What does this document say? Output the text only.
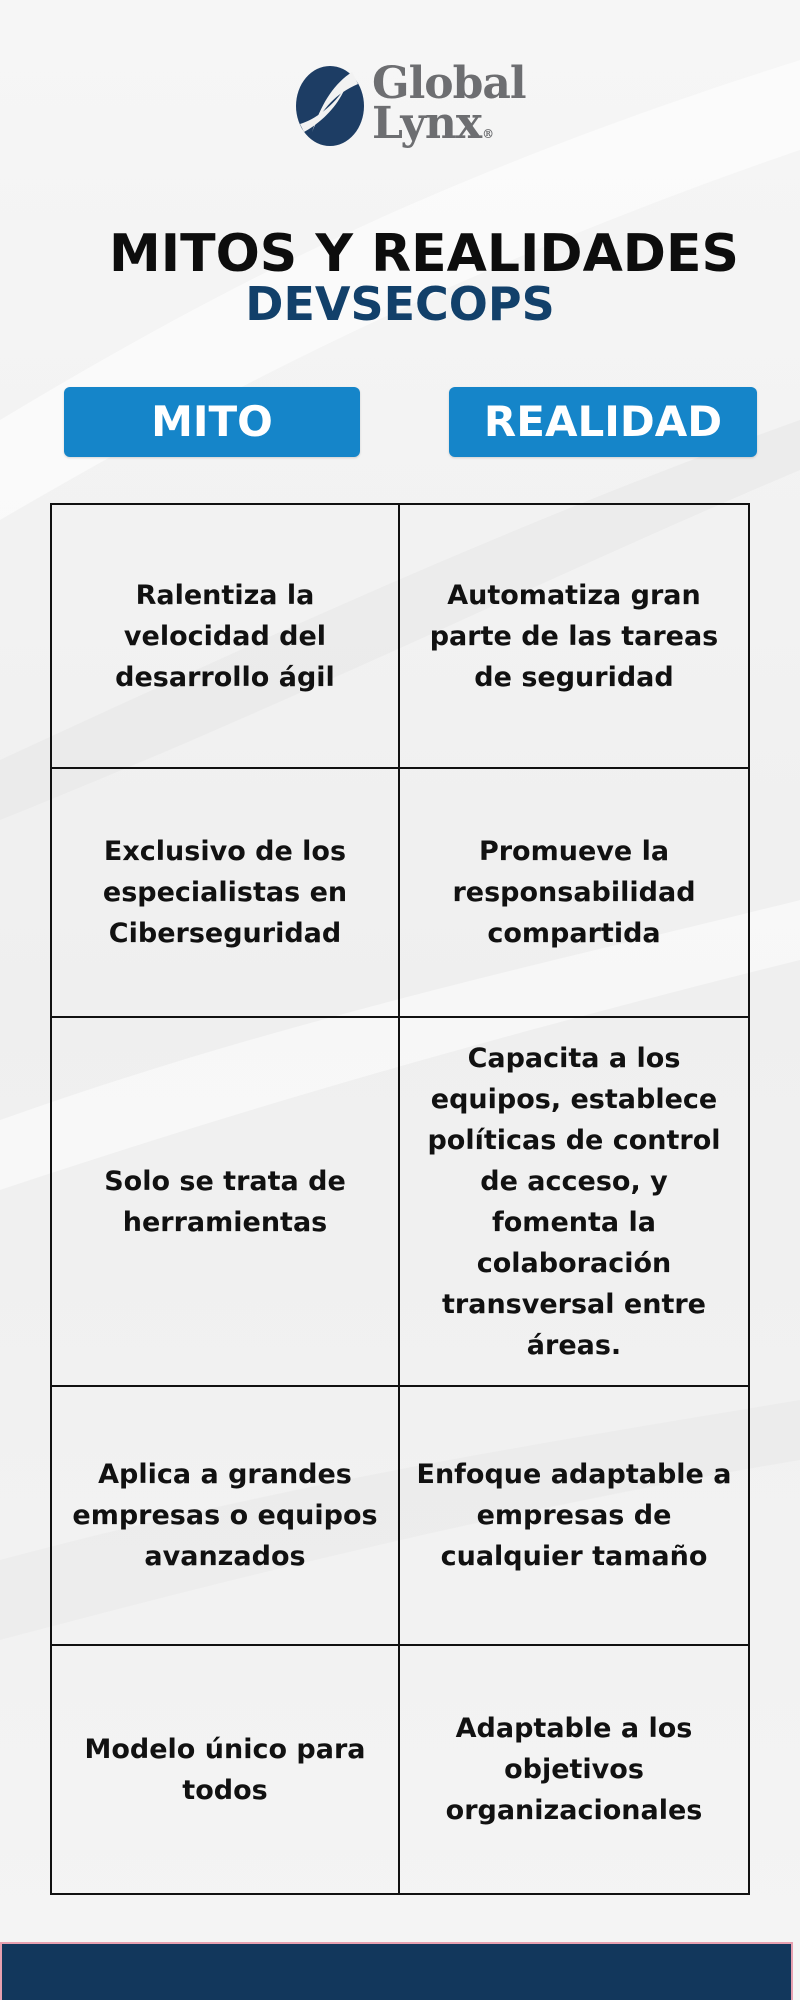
Global
Lynx®
MITOS Y REALIDADES
DEVSECOPS
MITO	REALIDAD
Ralentiza la velocidad del desarrollo ágil
Automatiza gran parte de las tareas de seguridad
Exclusivo de los especialistas en Ciberseguridad
Promueve la responsabilidad compartida
Solo se trata de herramientas
Capacita a los equipos, establece políticas de control de acceso, y fomenta la colaboración transversal entre áreas.
Aplica a grandes empresas o equipos avanzados
Enfoque adaptable a empresas de cualquier tamaño
Modelo único para todos
Adaptable a los objetivos organizacionales
